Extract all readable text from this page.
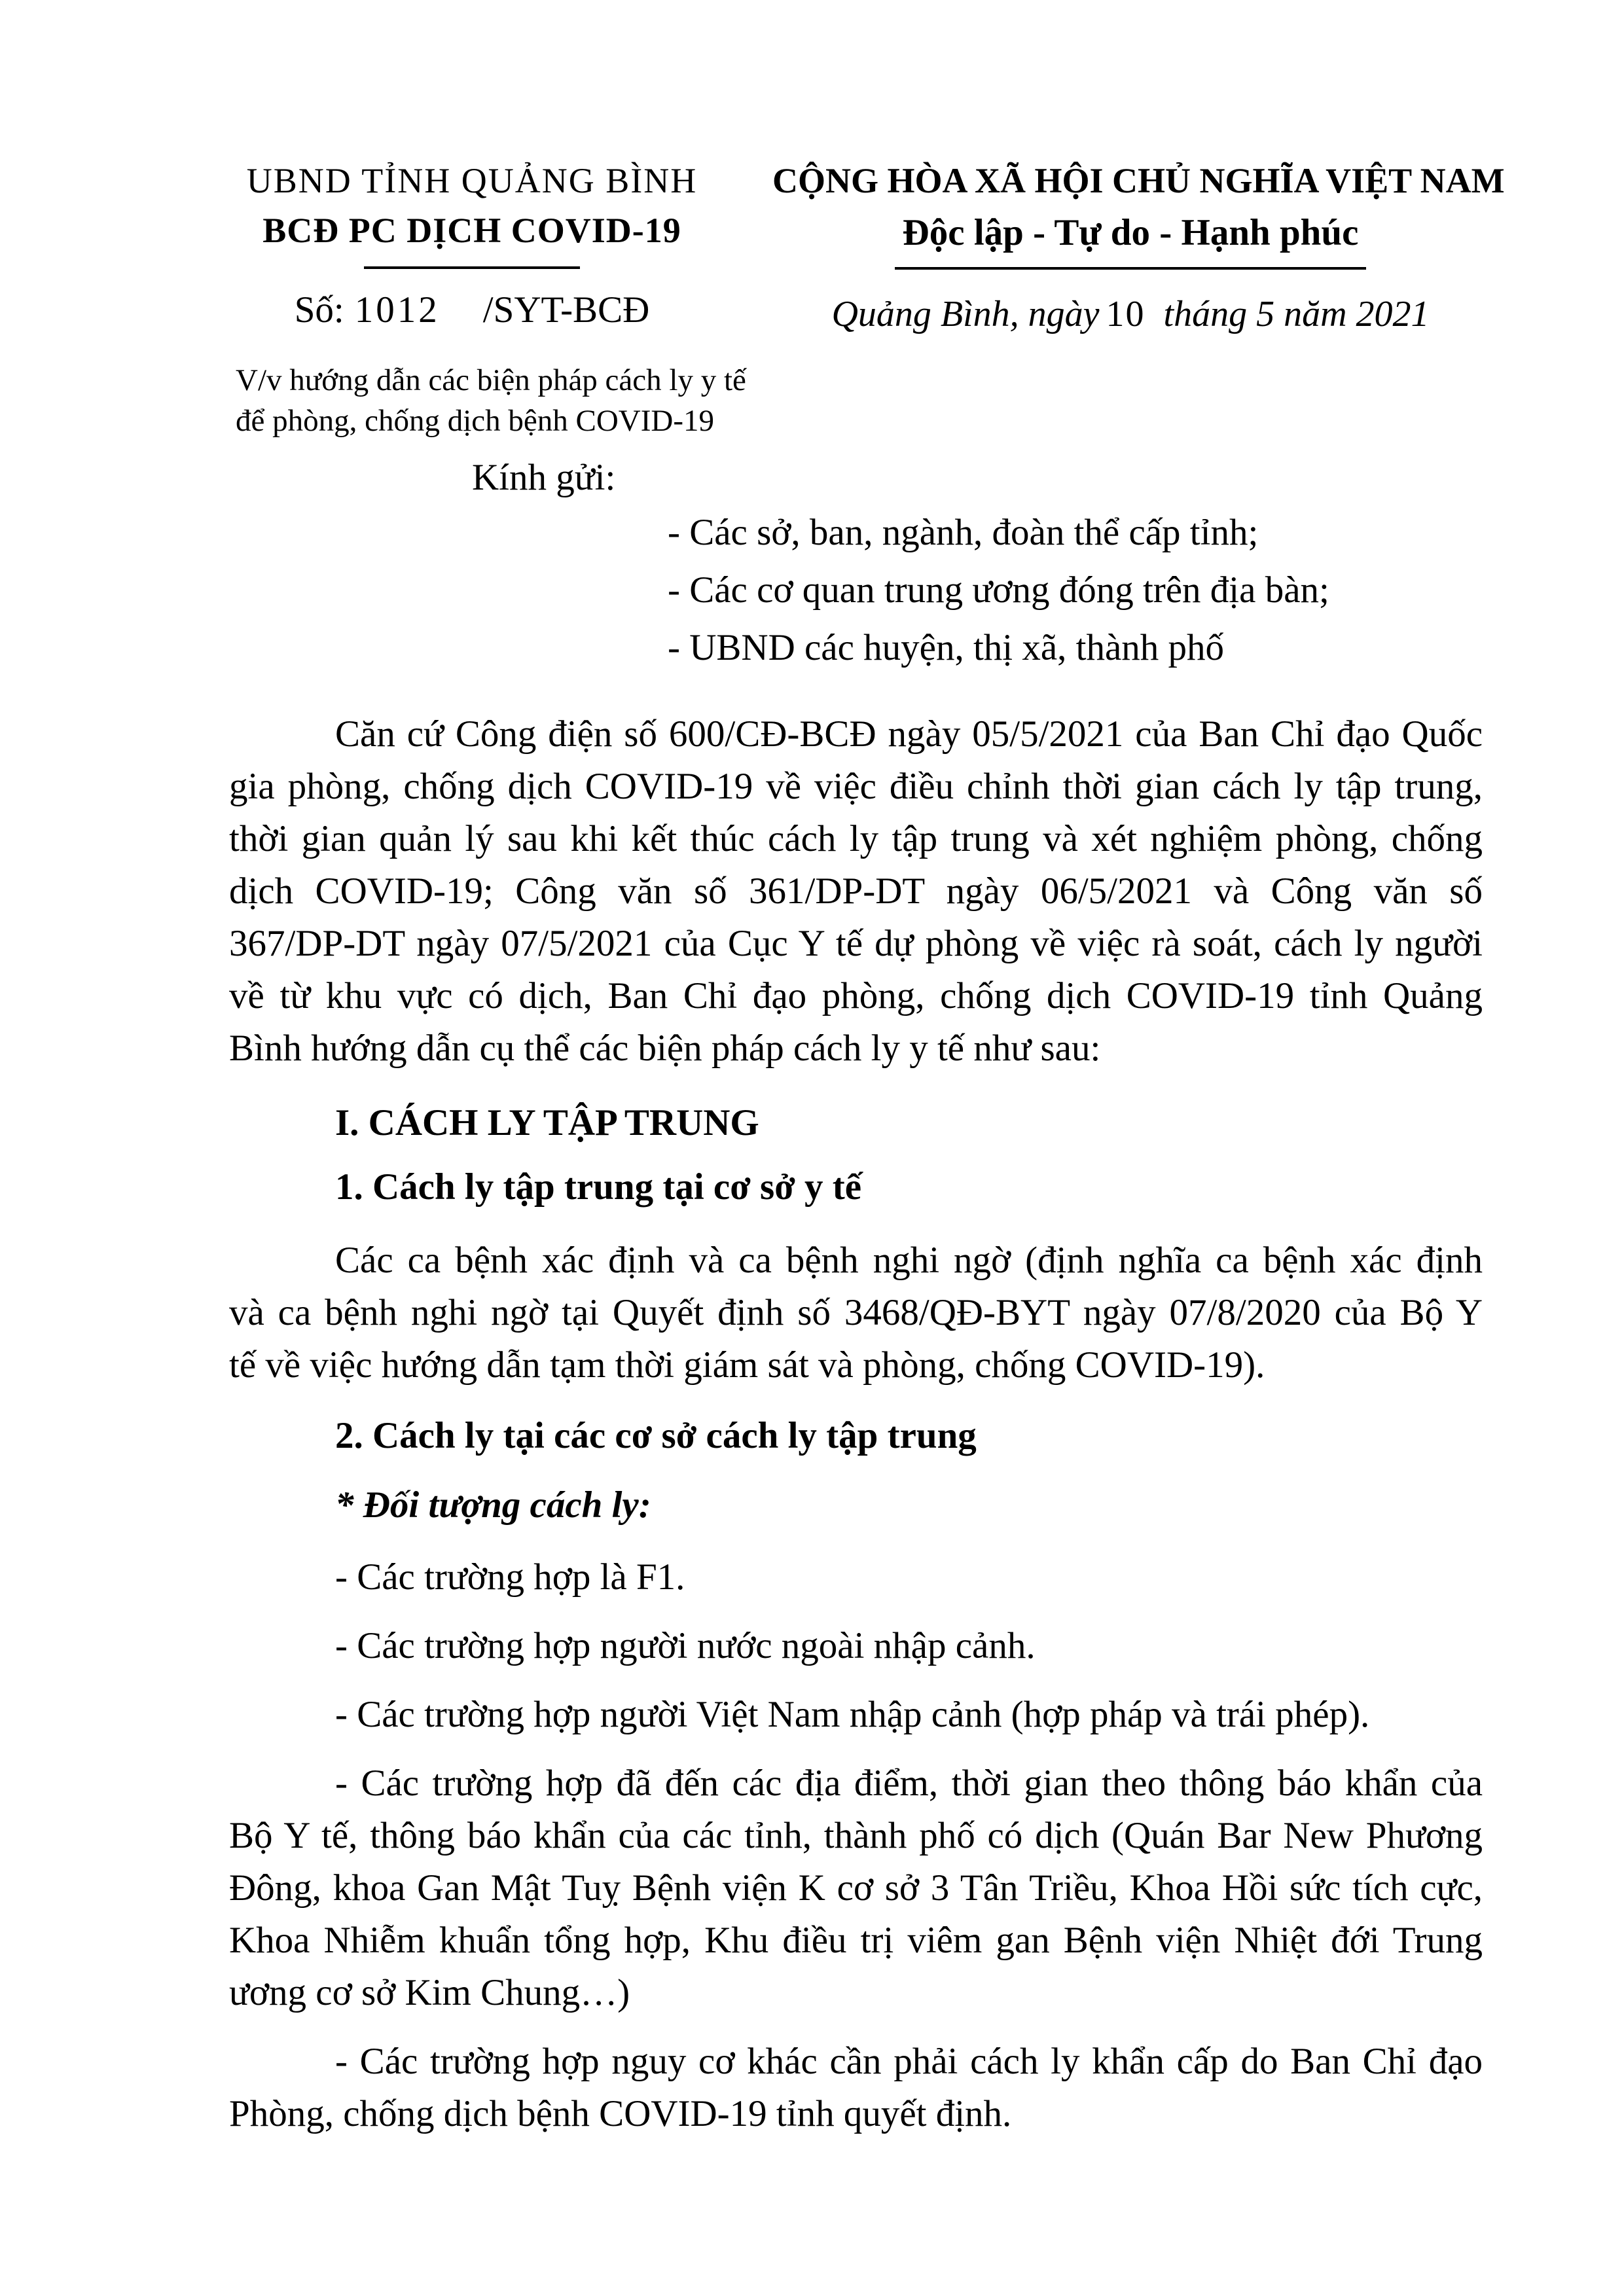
UBND TỈNH QUẢNG BÌNH
BCĐ PC DỊCH COVID-19
Số: 1012 /SYT-BCĐ
V/v hướng dẫn các biện pháp cách ly y tế
để phòng, chống dịch bệnh COVID-19
CỘNG HÒA XÃ HỘI CHỦ NGHĨA VIỆT NAM
Độc lập - Tự do - Hạnh phúc
Quảng Bình, ngày 10 tháng 5 năm 2021
Kính gửi:
- Các sở, ban, ngành, đoàn thể cấp tỉnh;
- Các cơ quan trung ương đóng trên địa bàn;
- UBND các huyện, thị xã, thành phố
Căn cứ Công điện số 600/CĐ-BCĐ ngày 05/5/2021 của Ban Chỉ đạo Quốc
gia phòng, chống dịch COVID-19 về việc điều chỉnh thời gian cách ly tập trung,
thời gian quản lý sau khi kết thúc cách ly tập trung và xét nghiệm phòng, chống
dịch COVID-19; Công văn số 361/DP-DT ngày 06/5/2021 và Công văn số
367/DP-DT ngày 07/5/2021 của Cục Y tế dự phòng về việc rà soát, cách ly người
về từ khu vực có dịch, Ban Chỉ đạo phòng, chống dịch COVID-19 tỉnh Quảng
Bình hướng dẫn cụ thể các biện pháp cách ly y tế như sau:
I. CÁCH LY TẬP TRUNG
1. Cách ly tập trung tại cơ sở y tế
Các ca bệnh xác định và ca bệnh nghi ngờ (định nghĩa ca bệnh xác định
và ca bệnh nghi ngờ tại Quyết định số 3468/QĐ-BYT ngày 07/8/2020 của Bộ Y
tế về việc hướng dẫn tạm thời giám sát và phòng, chống COVID-19).
2. Cách ly tại các cơ sở cách ly tập trung
* Đối tượng cách ly:
- Các trường hợp là F1.
- Các trường hợp người nước ngoài nhập cảnh.
- Các trường hợp người Việt Nam nhập cảnh (hợp pháp và trái phép).
- Các trường hợp đã đến các địa điểm, thời gian theo thông báo khẩn của
Bộ Y tế, thông báo khẩn của các tỉnh, thành phố có dịch (Quán Bar New Phương
Đông, khoa Gan Mật Tuỵ Bệnh viện K cơ sở 3 Tân Triều, Khoa Hồi sức tích cực,
Khoa Nhiễm khuẩn tổng hợp, Khu điều trị viêm gan Bệnh viện Nhiệt đới Trung
ương cơ sở Kim Chung…)
- Các trường hợp nguy cơ khác cần phải cách ly khẩn cấp do Ban Chỉ đạo
Phòng, chống dịch bệnh COVID-19 tỉnh quyết định.
